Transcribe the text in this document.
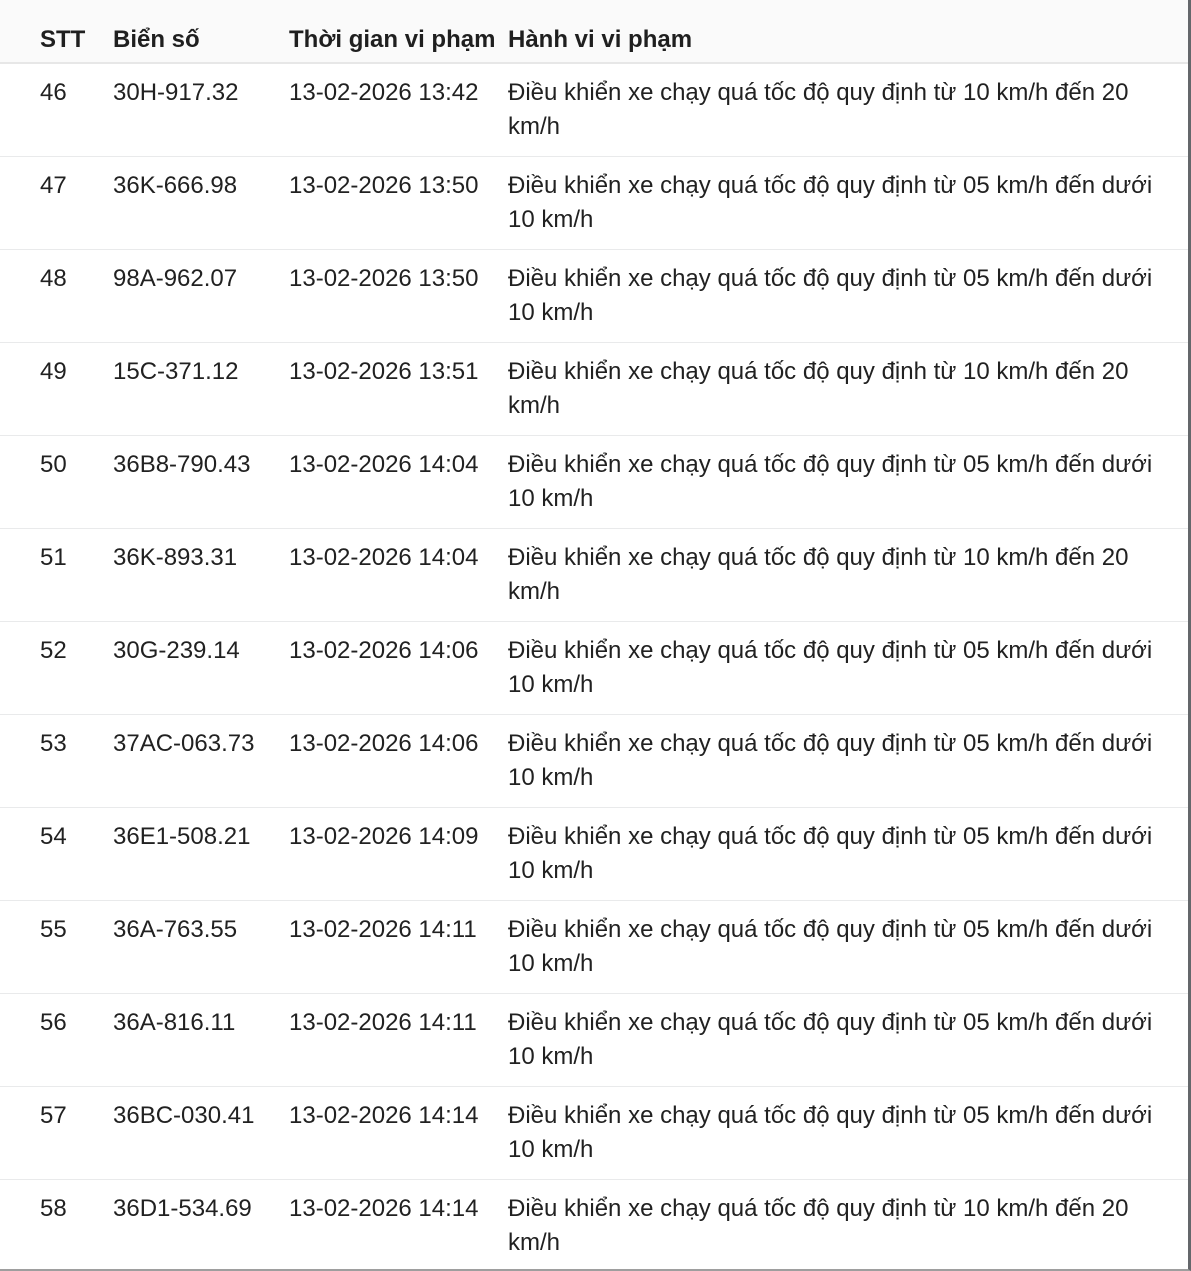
STT	Biển số	Thời gian vi phạm	Hành vi vi phạm
46	30H-917.32	13-02-2026 13:42	Điều khiển xe chạy quá tốc độ quy định từ 10 km/h đến 20 km/h
47	36K-666.98	13-02-2026 13:50	Điều khiển xe chạy quá tốc độ quy định từ 05 km/h đến dưới 10 km/h
48	98A-962.07	13-02-2026 13:50	Điều khiển xe chạy quá tốc độ quy định từ 05 km/h đến dưới 10 km/h
49	15C-371.12	13-02-2026 13:51	Điều khiển xe chạy quá tốc độ quy định từ 10 km/h đến 20 km/h
50	36B8-790.43	13-02-2026 14:04	Điều khiển xe chạy quá tốc độ quy định từ 05 km/h đến dưới 10 km/h
51	36K-893.31	13-02-2026 14:04	Điều khiển xe chạy quá tốc độ quy định từ 10 km/h đến 20 km/h
52	30G-239.14	13-02-2026 14:06	Điều khiển xe chạy quá tốc độ quy định từ 05 km/h đến dưới 10 km/h
53	37AC-063.73	13-02-2026 14:06	Điều khiển xe chạy quá tốc độ quy định từ 05 km/h đến dưới 10 km/h
54	36E1-508.21	13-02-2026 14:09	Điều khiển xe chạy quá tốc độ quy định từ 05 km/h đến dưới 10 km/h
55	36A-763.55	13-02-2026 14:11	Điều khiển xe chạy quá tốc độ quy định từ 05 km/h đến dưới 10 km/h
56	36A-816.11	13-02-2026 14:11	Điều khiển xe chạy quá tốc độ quy định từ 05 km/h đến dưới 10 km/h
57	36BC-030.41	13-02-2026 14:14	Điều khiển xe chạy quá tốc độ quy định từ 05 km/h đến dưới 10 km/h
58	36D1-534.69	13-02-2026 14:14	Điều khiển xe chạy quá tốc độ quy định từ 10 km/h đến 20 km/h
